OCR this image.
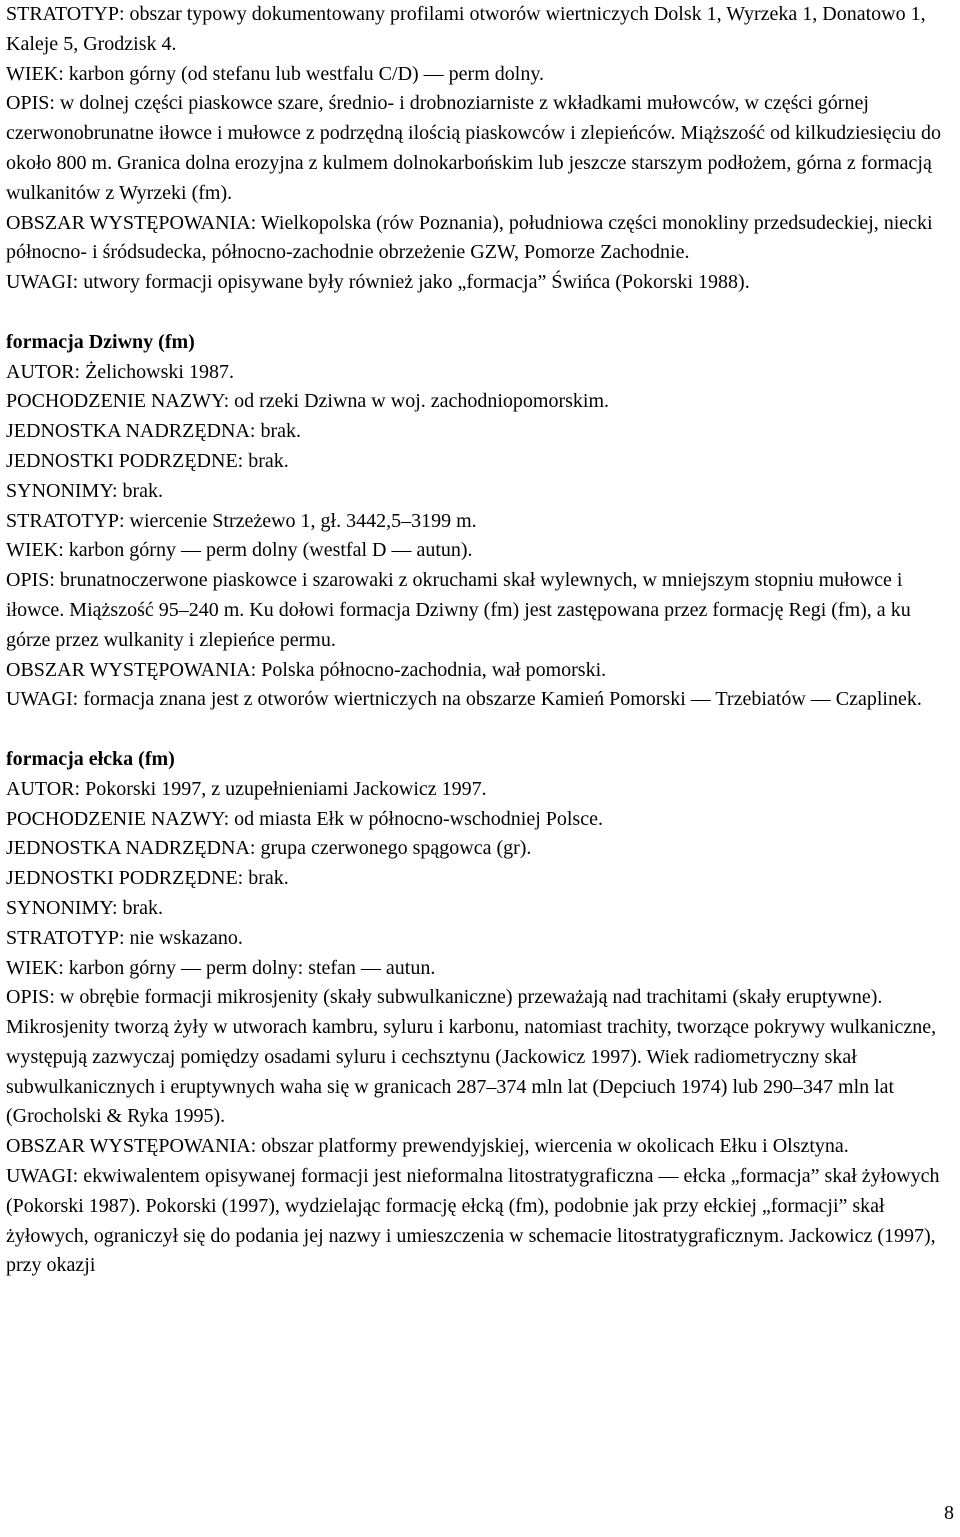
STRATOTYP: obszar typowy dokumentowany profilami otworów wiertniczych Dolsk 1, Wyrzeka 1, Donatowo 1, Kaleje 5, Grodzisk 4.

WIEK: karbon górny (od stefanu lub westfalu C/D) — perm dolny.

OPIS: w dolnej części piaskowce szare, średnio- i drobnoziarniste z wkładkami mułowców, w części górnej czerwonobrunatne iłowce i mułowce z podrzędną ilością piaskowców i zlepieńców. Miąższość od kilkudziesięciu do około 800 m. Granica dolna erozyjna z kulmem dolnokarbońskim lub jeszcze starszym podłożem, górna z formacją wulkanitów z Wyrzeki (fm).

OBSZAR WYSTĘPOWANIA: Wielkopolska (rów Poznania), południowa części monokliny przedsudeckiej, niecki północno- i śródsudecka, północno-zachodnie obrzeżenie GZW, Pomorze Zachodnie.

UWAGI: utwory formacji opisywane były również jako „formacja” Świńca (Pokorski 1988).

formacja Dziwny (fm)

AUTOR: Żelichowski 1987.

POCHODZENIE NAZWY: od rzeki Dziwna w woj. zachodniopomorskim.

JEDNOSTKA NADRZĘDNA: brak.

JEDNOSTKI PODRZĘDNE: brak.

SYNONIMY: brak.

STRATOTYP: wiercenie Strzeżewo 1, gł. 3442,5–3199 m.

WIEK: karbon górny — perm dolny (westfal D — autun).

OPIS: brunatnoczerwone piaskowce i szarowaki z okruchami skał wylewnych, w mniejszym stopniu mułowce i iłowce. Miąższość 95–240 m. Ku dołowi formacja Dziwny (fm) jest zastępowana przez formację Regi (fm), a ku górze przez wulkanity i zlepieńce permu.

OBSZAR WYSTĘPOWANIA: Polska północno-zachodnia, wał pomorski.

UWAGI: formacja znana jest z otworów wiertniczych na obszarze Kamień Pomorski — Trzebiatów — Czaplinek.

formacja ełcka (fm)

AUTOR: Pokorski 1997, z uzupełnieniami Jackowicz 1997.

POCHODZENIE NAZWY: od miasta Ełk w północno-wschodniej Polsce.

JEDNOSTKA NADRZĘDNA: grupa czerwonego spągowca (gr).

JEDNOSTKI PODRZĘDNE: brak.

SYNONIMY: brak.

STRATOTYP: nie wskazano.

WIEK: karbon górny — perm dolny: stefan — autun.

OPIS: w obrębie formacji mikrosjenity (skały subwulkaniczne) przeważają nad trachitami (skały eruptywne). Mikrosjenity tworzą żyły w utworach kambru, syluru i karbonu, natomiast trachity, tworzące pokrywy wulkaniczne, występują zazwyczaj pomiędzy osadami syluru i cechsztynu (Jackowicz 1997). Wiek radiometryczny skał subwulkanicznych i eruptywnych waha się w granicach 287–374 mln lat (Depciuch 1974) lub 290–347 mln lat (Grocholski & Ryka 1995).

OBSZAR WYSTĘPOWANIA: obszar platformy prewendyjskiej, wiercenia w okolicach Ełku i Olsztyna.

UWAGI: ekwiwalentem opisywanej formacji jest nieformalna litostratygraficzna — ełcka „formacja” skał żyłowych (Pokorski 1987). Pokorski (1997), wydzielając formację ełcką (fm), podobnie jak przy ełckiej „formacji” skał żyłowych, ograniczył się do podania jej nazwy i umieszczenia w schemacie litostratygraficznym. Jackowicz (1997), przy okazji

8
